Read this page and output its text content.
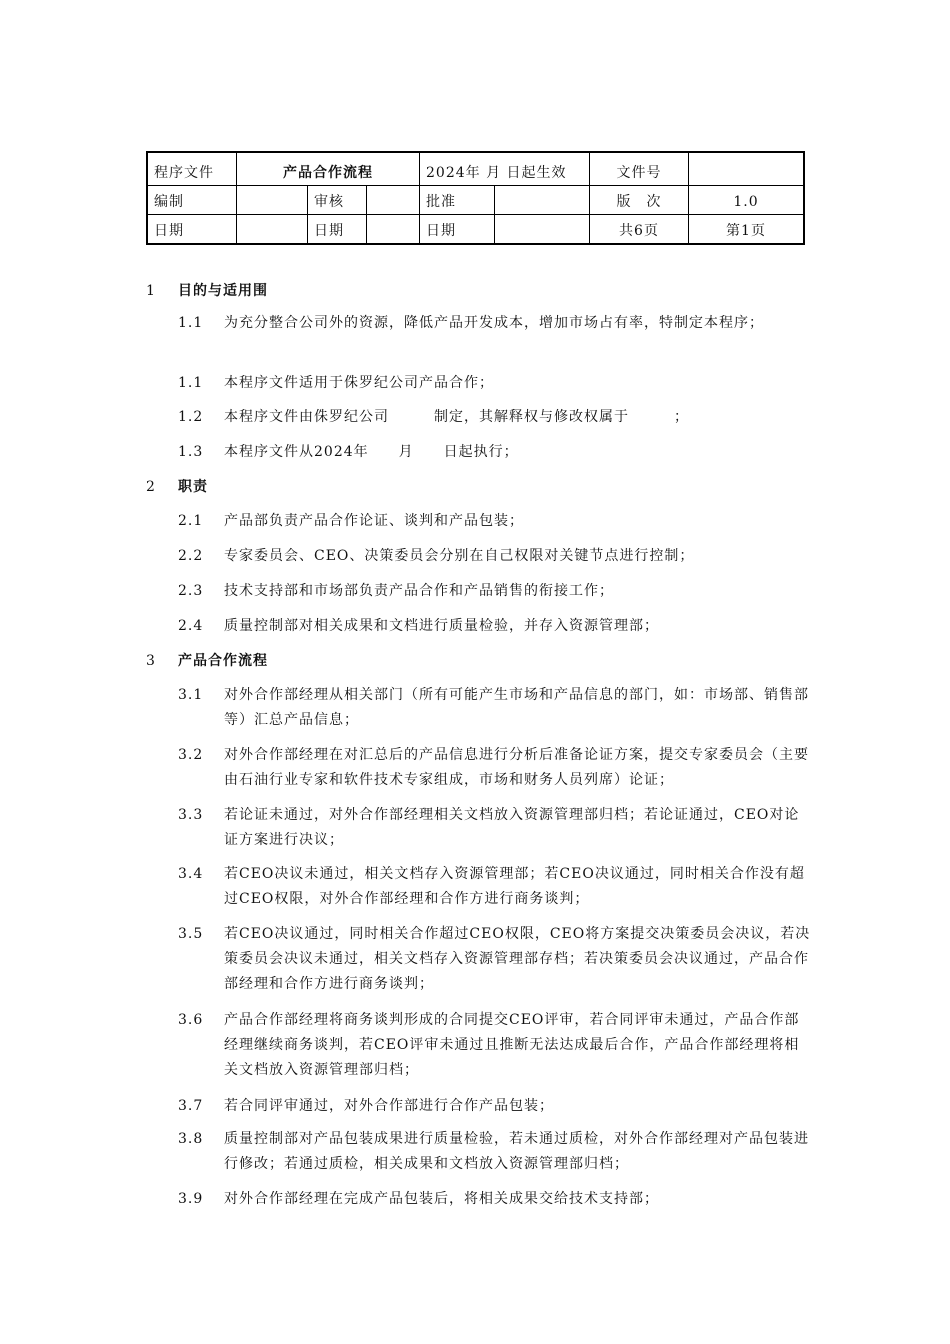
程序文件	产品合作流程			2024年 月 日起生效		文件号	
编制		审核		批准		版　次	1.0
日期		日期		日期		共6页	第1页
1 目的与适用围
1.1	为充分整合公司外的资源，降低产品开发成本，增加市场占有率，特制定本程序；
1.1	本程序文件适用于侏罗纪公司产品合作；
1.2	本程序文件由侏罗纪公司　　　制定，其解释权与修改权属于　　　；
1.3	本程序文件从2024年　　月　　日起执行；
2 职责
2.1	产品部负责产品合作论证、谈判和产品包装；
2.2	专家委员会、CEO、决策委员会分别在自己权限对关键节点进行控制；
2.3	技术支持部和市场部负责产品合作和产品销售的衔接工作；
2.4	质量控制部对相关成果和文档进行质量检验，并存入资源管理部；
3 产品合作流程
3.1	对外合作部经理从相关部门（所有可能产生市场和产品信息的部门，如：市场部、销售部等）汇总产品信息；
3.2	对外合作部经理在对汇总后的产品信息进行分析后准备论证方案，提交专家委员会（主要由石油行业专家和软件技术专家组成，市场和财务人员列席）论证；
3.3	若论证未通过，对外合作部经理相关文档放入资源管理部归档；若论证通过，CEO对论证方案进行决议；
3.4	若CEO决议未通过，相关文档存入资源管理部；若CEO决议通过，同时相关合作没有超过CEO权限，对外合作部经理和合作方进行商务谈判；
3.5	若CEO决议通过，同时相关合作超过CEO权限，CEO将方案提交决策委员会决议，若决策委员会决议未通过，相关文档存入资源管理部存档；若决策委员会决议通过，产品合作部经理和合作方进行商务谈判；
3.6	产品合作部经理将商务谈判形成的合同提交CEO评审，若合同评审未通过，产品合作部经理继续商务谈判，若CEO评审未通过且推断无法达成最后合作，产品合作部经理将相关文档放入资源管理部归档；
3.7	若合同评审通过，对外合作部进行合作产品包装；
3.8	质量控制部对产品包装成果进行质量检验，若未通过质检，对外合作部经理对产品包装进行修改；若通过质检，相关成果和文档放入资源管理部归档；
3.9	对外合作部经理在完成产品包装后，将相关成果交给技术支持部；
